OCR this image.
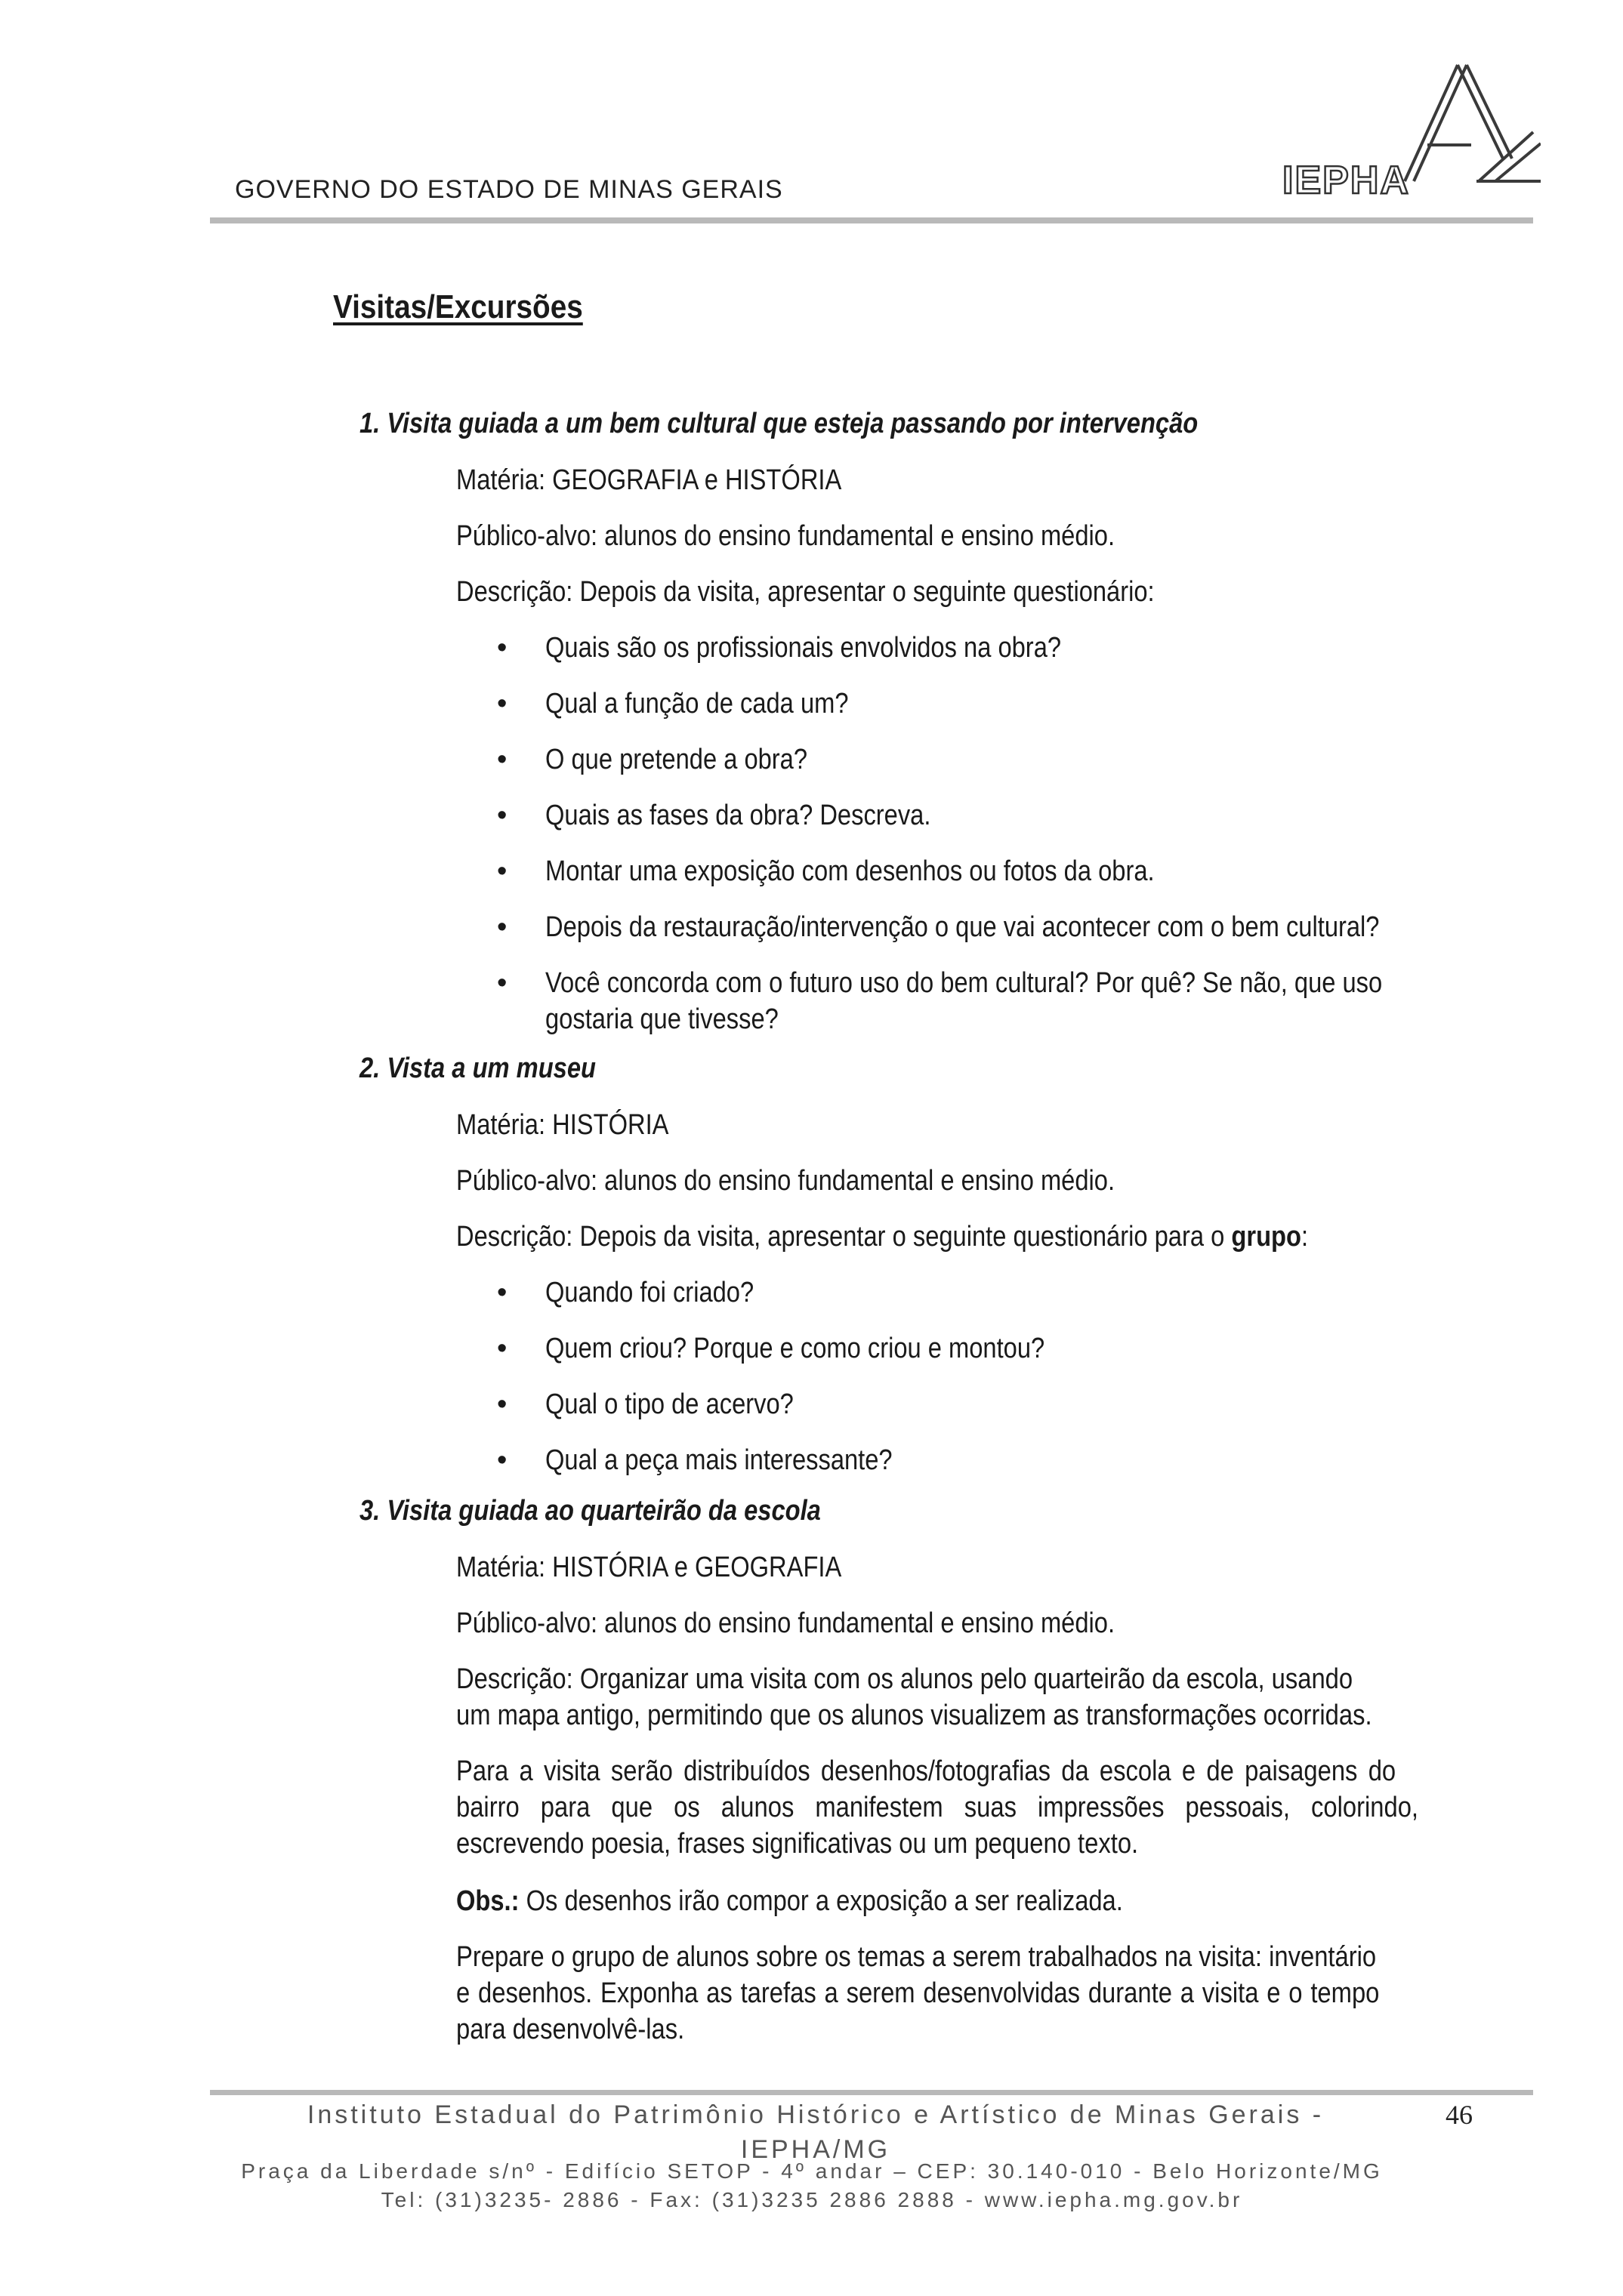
GOVERNO DO ESTADO DE MINAS GERAIS	IEPHA
Visitas/Excursões
1. Visita guiada a um bem cultural que esteja passando por intervenção
Matéria: GEOGRAFIA e HISTÓRIA
Público-alvo: alunos do ensino fundamental e ensino médio.
Descrição: Depois da visita, apresentar o seguinte questionário:
• Quais são os profissionais envolvidos na obra?
• Qual a função de cada um?
• O que pretende a obra?
• Quais as fases da obra? Descreva.
• Montar uma exposição com desenhos ou fotos da obra.
• Depois da restauração/intervenção o que vai acontecer com o bem cultural?
• Você concorda com o futuro uso do bem cultural? Por quê? Se não, que uso
gostaria que tivesse?
2. Vista a um museu
Matéria: HISTÓRIA
Público-alvo: alunos do ensino fundamental e ensino médio.
Descrição: Depois da visita, apresentar o seguinte questionário para o grupo:
• Quando foi criado?
• Quem criou? Porque e como criou e montou?
• Qual o tipo de acervo?
• Qual a peça mais interessante?
3. Visita guiada ao quarteirão da escola
Matéria: HISTÓRIA e GEOGRAFIA
Público-alvo: alunos do ensino fundamental e ensino médio.
Descrição: Organizar uma visita com os alunos pelo quarteirão da escola, usando
um mapa antigo, permitindo que os alunos visualizem as transformações ocorridas.
Para a visita serão distribuídos desenhos/fotografias da escola e de paisagens do
bairro para que os alunos manifestem suas impressões pessoais, colorindo,
escrevendo poesia, frases significativas ou um pequeno texto.
Obs.: Os desenhos irão compor a exposição a ser realizada.
Prepare o grupo de alunos sobre os temas a serem trabalhados na visita: inventário
e desenhos. Exponha as tarefas a serem desenvolvidas durante a visita e o tempo
para desenvolvê-las.
Instituto Estadual do Patrimônio Histórico e Artístico de Minas Gerais -
IEPHA/MG
46
Praça da Liberdade s/nº - Edifício SETOP - 4º andar – CEP: 30.140-010 - Belo Horizonte/MG
Tel: (31)3235- 2886 - Fax: (31)3235 2886 2888 - www.iepha.mg.gov.br
